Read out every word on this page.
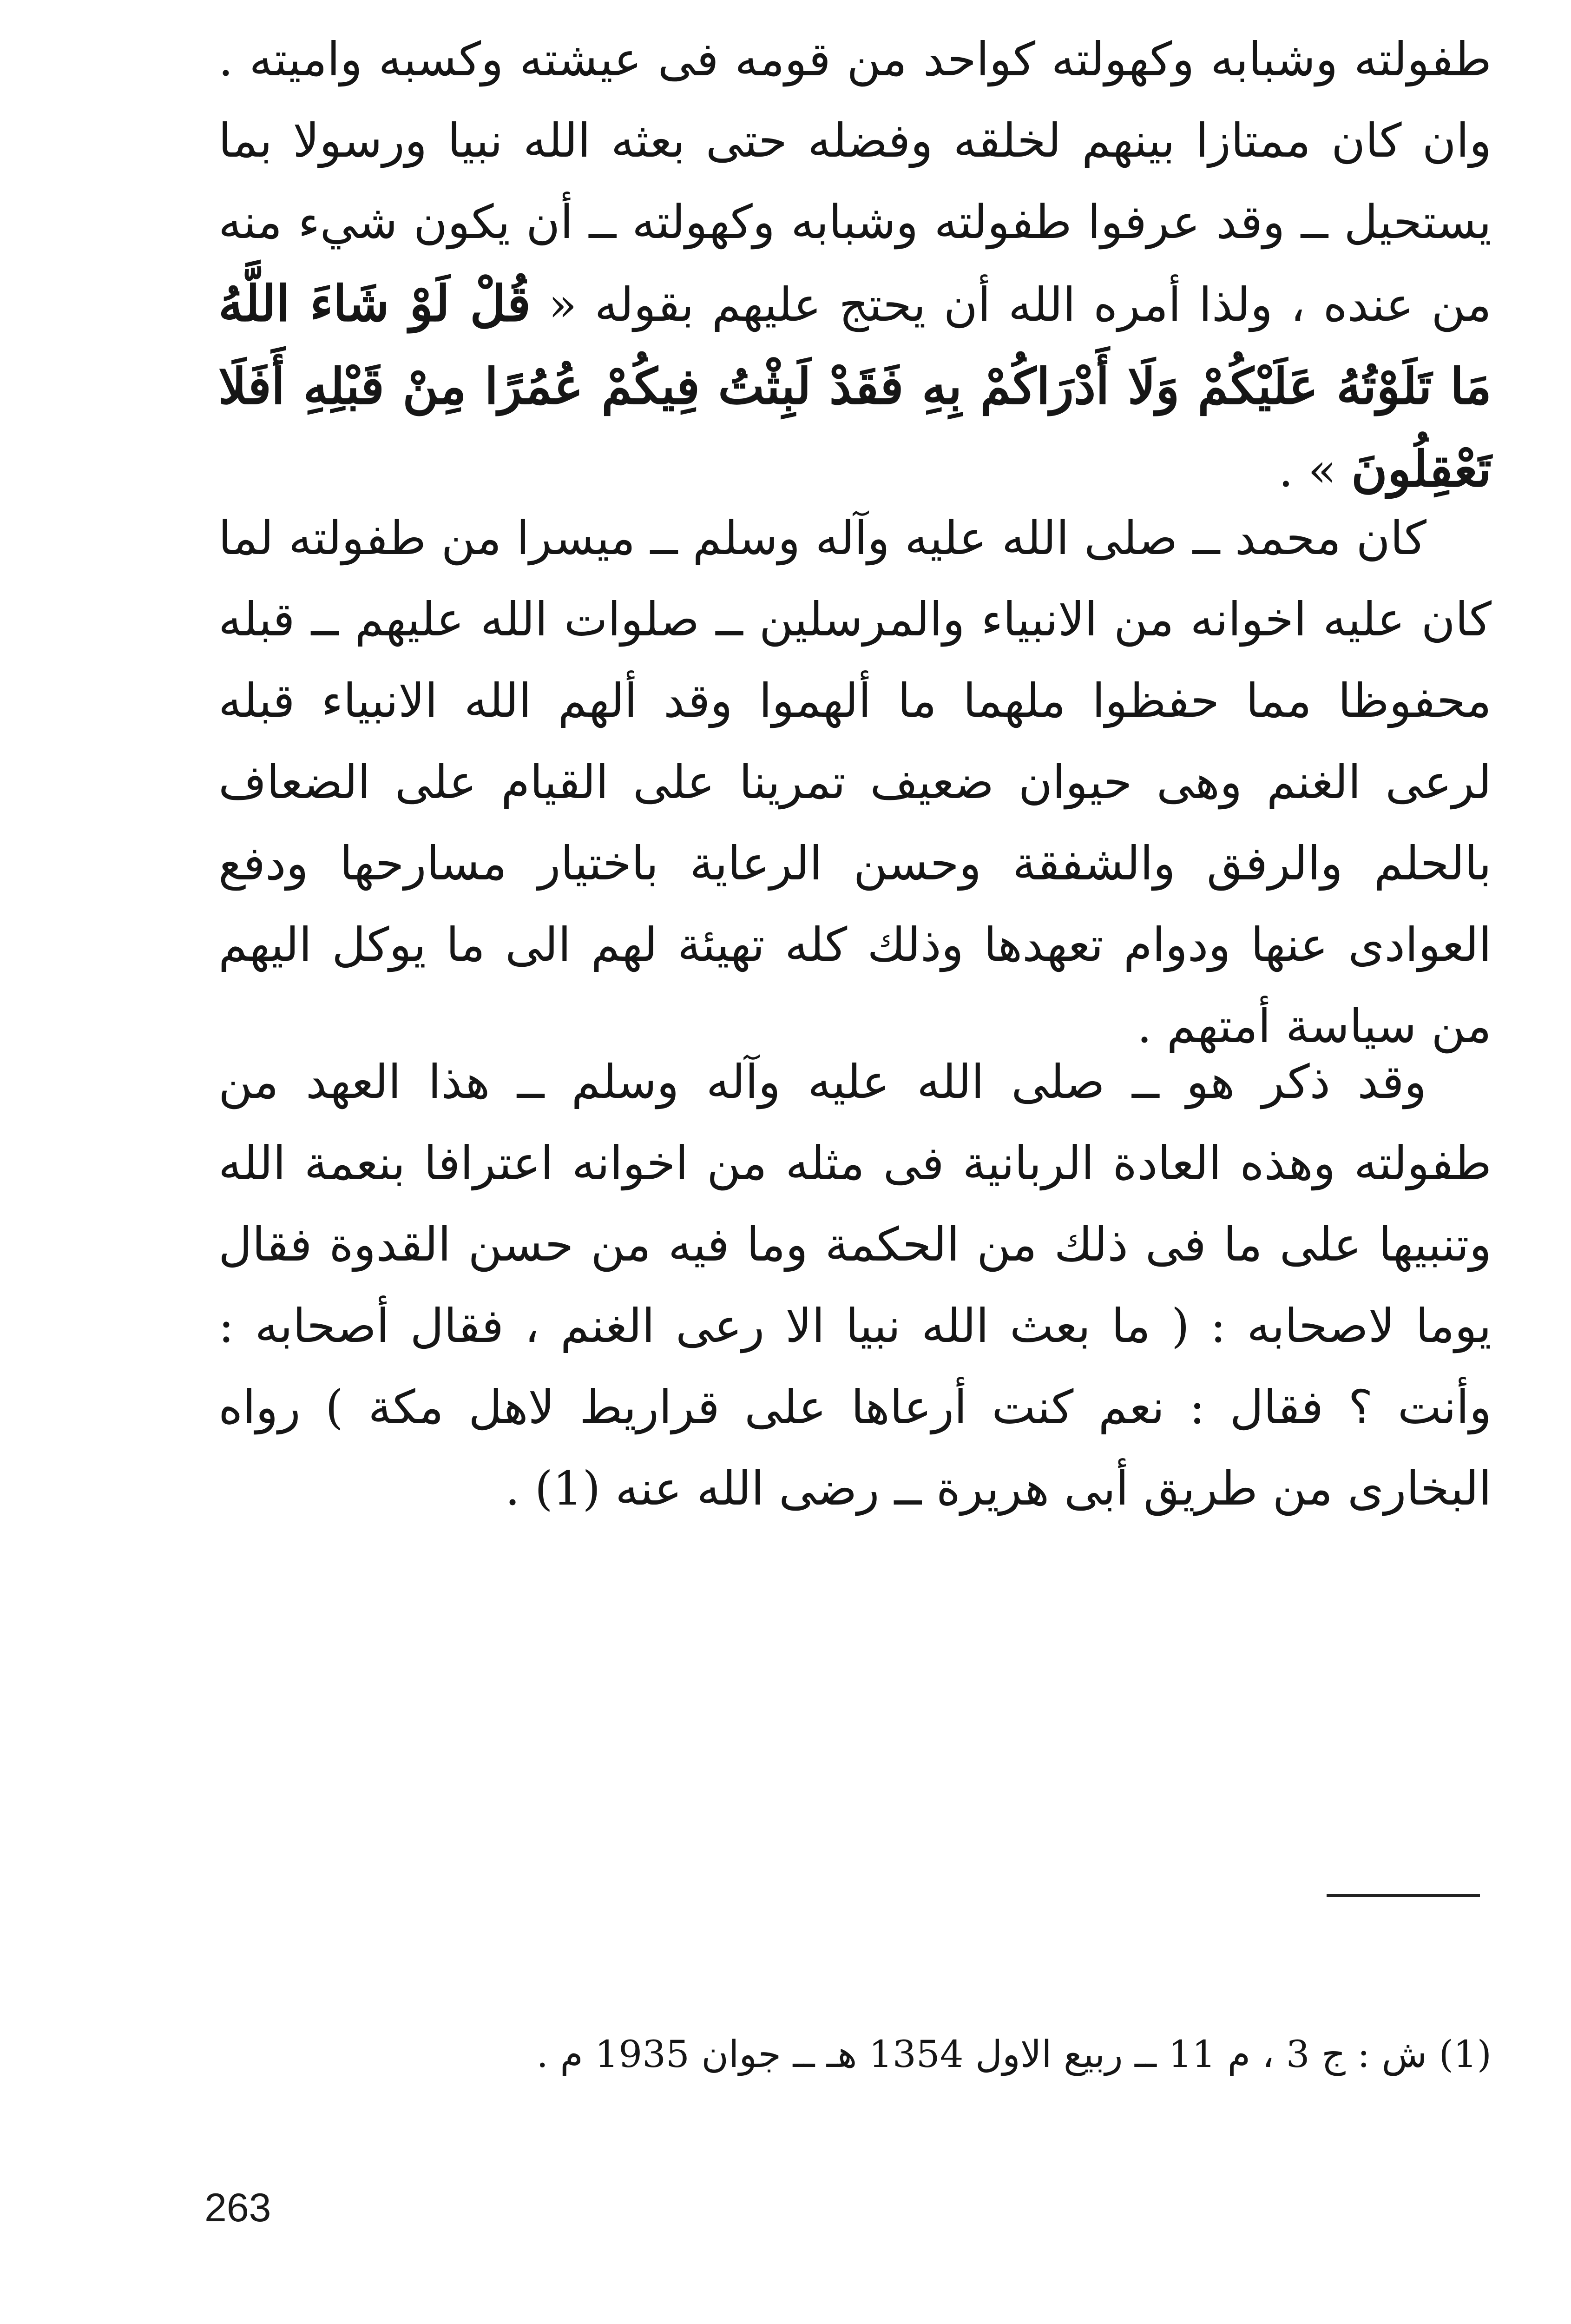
طفولته وشبابه وكهولته كواحد من قومه فى عيشته وكسبه واميته . وان كان ممتازا بينهم لخلقه وفضله حتى بعثه الله نبيا ورسولا بما يستحيل ــ وقد عرفوا طفولته وشبابه وكهولته ــ أن يكون شيء منه من عنده ، ولذا أمره الله أن يحتج عليهم بقوله « قُلْ لَوْ شَاءَ اللَّهُ مَا تَلَوْتُهُ عَلَيْكُمْ وَلَا أَدْرَاكُمْ بِهِ فَقَدْ لَبِثْتُ فِيكُمْ عُمُرًا مِنْ قَبْلِهِ أَفَلَا تَعْقِلُونَ » .

كان محمد ــ صلى الله عليه وآله وسلم ــ ميسرا من طفولته لما كان عليه اخوانه من الانبياء والمرسلين ــ صلوات الله عليهم ــ قبله محفوظا مما حفظوا ملهما ما ألهموا وقد ألهم الله الانبياء قبله لرعى الغنم وهى حيوان ضعيف تمرينا على القيام على الضعاف بالحلم والرفق والشفقة وحسن الرعاية باختيار مسارحها ودفع العوادى عنها ودوام تعهدها وذلك كله تهيئة لهم الى ما يوكل اليهم من سياسة أمتهم .

وقد ذكر هو ــ صلى الله عليه وآله وسلم ــ هذا العهد من طفولته وهذه العادة الربانية فى مثله من اخوانه اعترافا بنعمة الله وتنبيها على ما فى ذلك من الحكمة وما فيه من حسن القدوة فقال يوما لاصحابه : ( ما بعث الله نبيا الا رعى الغنم ، فقال أصحابه : وأنت ؟ فقال : نعم كنت أرعاها على قراريط لاهل مكة ) رواه البخارى من طريق أبى هريرة ــ رضى الله عنه (1) .

(1) ش : ج 3 ، م 11 ــ ربيع الاول 1354 هـ ــ جوان 1935 م .

263
